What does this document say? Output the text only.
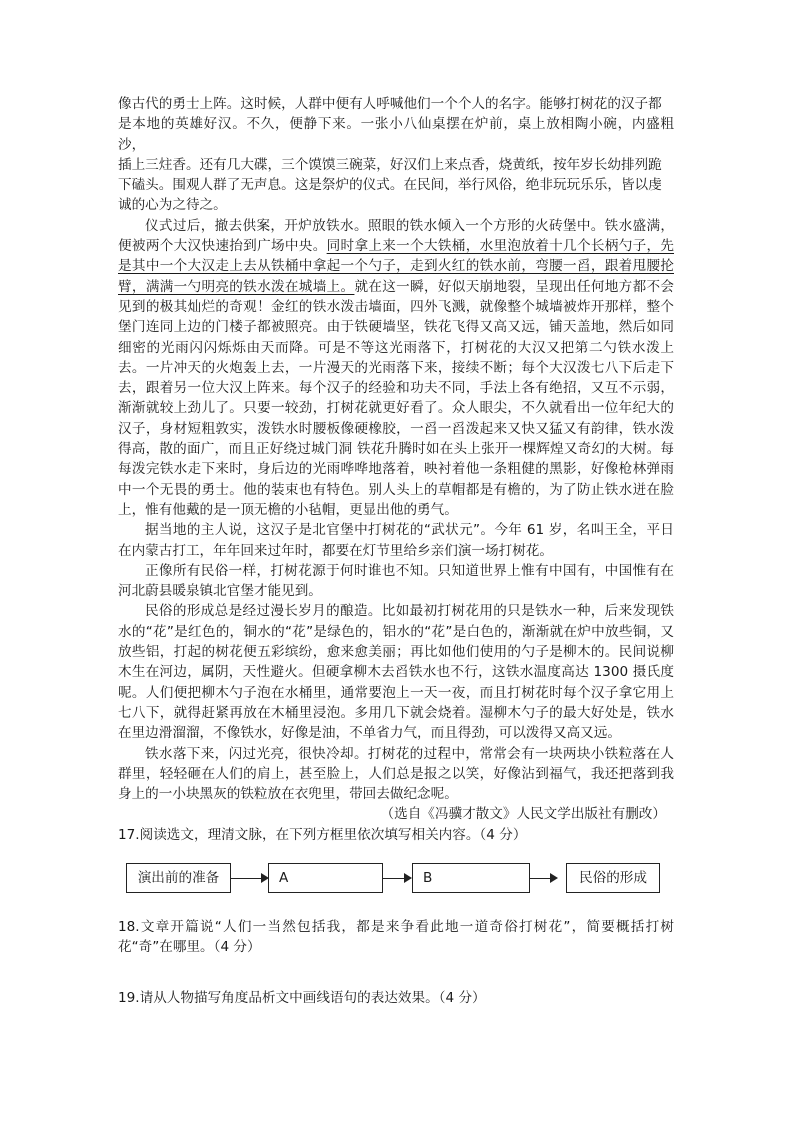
像古代的勇士上阵。这时候，人群中便有人呼喊他们一个个人的名字。能够打树花的汉子都

是本地的英雄好汉。不久，便静下来。一张小八仙桌摆在炉前，桌上放相陶小碗，内盛粗沙，

插上三炷香。还有几大碟，三个馍馍三碗菜，好汉们上来点香，烧黄纸，按年岁长幼排列跪

下磕头。围观人群了无声息。这是祭炉的仪式。在民间，举行风俗，绝非玩玩乐乐，皆以虔

诚的心为之待之。

仪式过后，撤去供案，开炉放铁水。照眼的铁水倾入一个方形的火砖堡中。铁水盛满，便被两个大汉快速抬到广场中央。同时拿上来一个大铁桶，水里泡放着十几个长柄勺子，先是其中一个大汉走上去从铁桶中拿起一个勺子，走到火红的铁水前，弯腰一舀，跟着甩腰抡臂，满满一勺明亮的铁水泼在城墙上。就在这一瞬，好似天崩地裂，呈现出任何地方都不会见到的极其灿烂的奇观！金红的铁水泼击墙面，四外飞溅，就像整个城墙被炸开那样，整个堡门连同上边的门楼子都被照亮。由于铁硬墙坚，铁花飞得又高又远，铺天盖地，然后如同细密的光雨闪闪烁烁由天而降。可是不等这光雨落下，打树花的大汉又把第二勺铁水泼上去。一片冲天的火炮轰上去，一片漫天的光雨落下来，接续不断；每个大汉泼七八下后走下去，跟着另一位大汉上阵来。每个汉子的经验和功夫不同，手法上各有绝招，又互不示弱，渐渐就较上劲儿了。只要一较劲，打树花就更好看了。众人眼尖，不久就看出一位年纪大的汉子，身材短粗敦实，泼铁水时腰板像硬橡胶，一舀一舀泼起来又快又猛又有韵律，铁水泼得高，散的面广，而且正好绕过城门洞 铁花升腾时如在头上张开一棵辉煌又奇幻的大树。每每泼完铁水走下来时，身后边的光雨哗哗地落着，映衬着他一条粗健的黑影，好像枪林弹雨中一个无畏的勇士。他的装束也有特色。别人头上的草帽都是有檐的，为了防止铁水迸在脸上，惟有他戴的是一顶无檐的小毡帽，更显出他的勇气。

据当地的主人说，这汉子是北官堡中打树花的“武状元”。今年 61 岁，名叫王全，平日在内蒙古打工，年年回来过年时，都要在灯节里给乡亲们演一场打树花。

正像所有民俗一样，打树花源于何时谁也不知。只知道世界上惟有中国有，中国惟有在河北蔚县暖泉镇北官堡才能见到。

民俗的形成总是经过漫长岁月的酿造。比如最初打树花用的只是铁水一种，后来发现铁水的“花”是红色的，铜水的“花”是绿色的，铝水的“花”是白色的，渐渐就在炉中放些铜，又放些铝，打起的树花便五彩缤纷，愈来愈美丽；再比如他们使用的勺子是柳木的。民间说柳木生在河边，属阴，天性避火。但硬拿柳木去舀铁水也不行，这铁水温度高达 1300 摄氏度呢。人们便把柳木勺子泡在水桶里，通常要泡上一天一夜，而且打树花时每个汉子拿它用上七八下，就得赶紧再放在木桶里浸泡。多用几下就会烧着。湿柳木勺子的最大好处是，铁水在里边滑溜溜，不像铁水，好像是油，不单省力气，而且得劲，可以泼得又高又远。

铁水落下来，闪过光亮，很快冷却。打树花的过程中，常常会有一块两块小铁粒落在人群里，轻轻砸在人们的肩上，甚至脸上，人们总是报之以笑，好像沾到福气，我还把落到我身上的一小块黑灰的铁粒放在衣兜里，带回去做纪念呢。

（选自《冯骥才散文》人民文学出版社有删改）

17.阅读选文，理清文脉，在下列方框里依次填写相关内容。（4 分）

演出前的准备	A	B	民俗的形成

18.文章开篇说“人们一当然包括我，都是来争看此地一道奇俗打树花”，简要概括打树花“奇”在哪里。（4 分）

19.请从人物描写角度品析文中画线语句的表达效果。（4 分）
